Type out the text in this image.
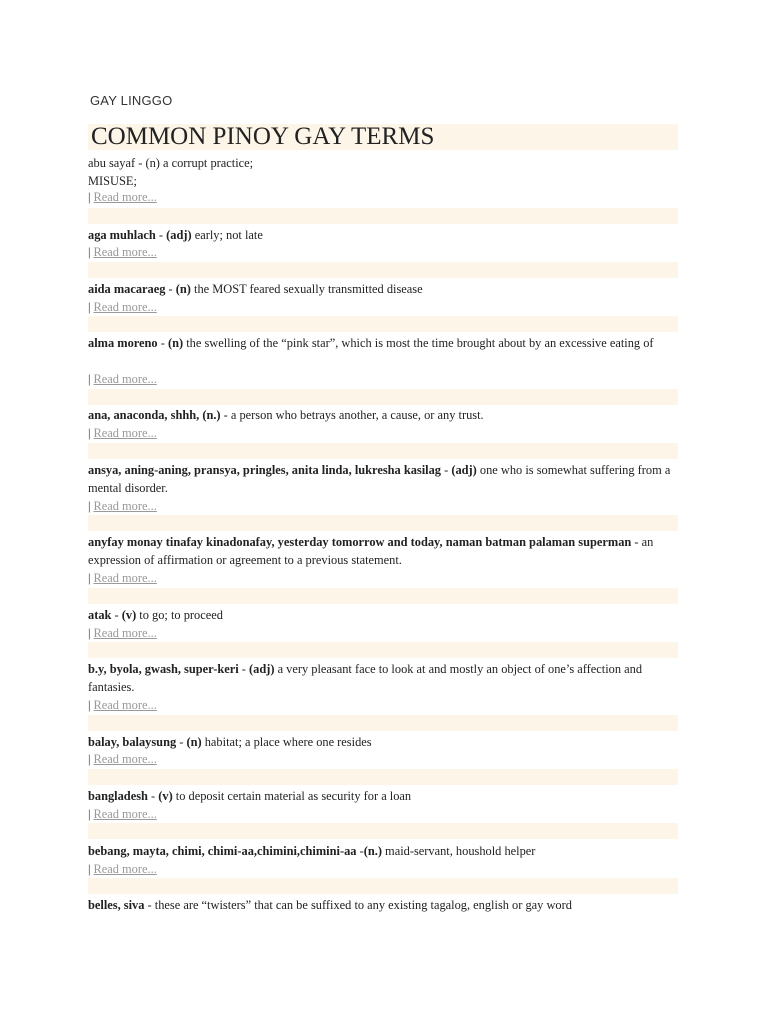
GAY LINGGO
COMMON PINOY GAY TERMS
abu sayaf - (n) a corrupt practice;
MISUSE;
| Read more...
aga muhlach - (adj) early; not late
| Read more...
aida macaraeg - (n) the MOST feared sexually transmitted disease
| Read more...
alma moreno - (n) the swelling of the “pink star”, which is most the time brought about by an excessive eating of
| Read more...
ana, anaconda, shhh, (n.) - a person who betrays another, a cause, or any trust.
| Read more...
ansya, aning-aning, pransya, pringles, anita linda, lukresha kasilag - (adj) one who is somewhat suffering from a mental disorder.
| Read more...
anyfay monay tinafay kinadonafay, yesterday tomorrow and today, naman batman palaman superman - an expression of affirmation or agreement to a previous statement.
| Read more...
atak - (v) to go; to proceed
| Read more...
b.y, byola, gwash, super-keri - (adj) a very pleasant face to look at and mostly an object of one’s affection and fantasies.
| Read more...
balay, balaysung - (n) habitat; a place where one resides
| Read more...
bangladesh - (v) to deposit certain material as security for a loan
| Read more...
bebang, mayta, chimi, chimi-aa,chimini,chimini-aa -(n.) maid-servant, houshold helper
| Read more...
belles, siva - these are “twisters” that can be suffixed to any existing tagalog, english or gay word
